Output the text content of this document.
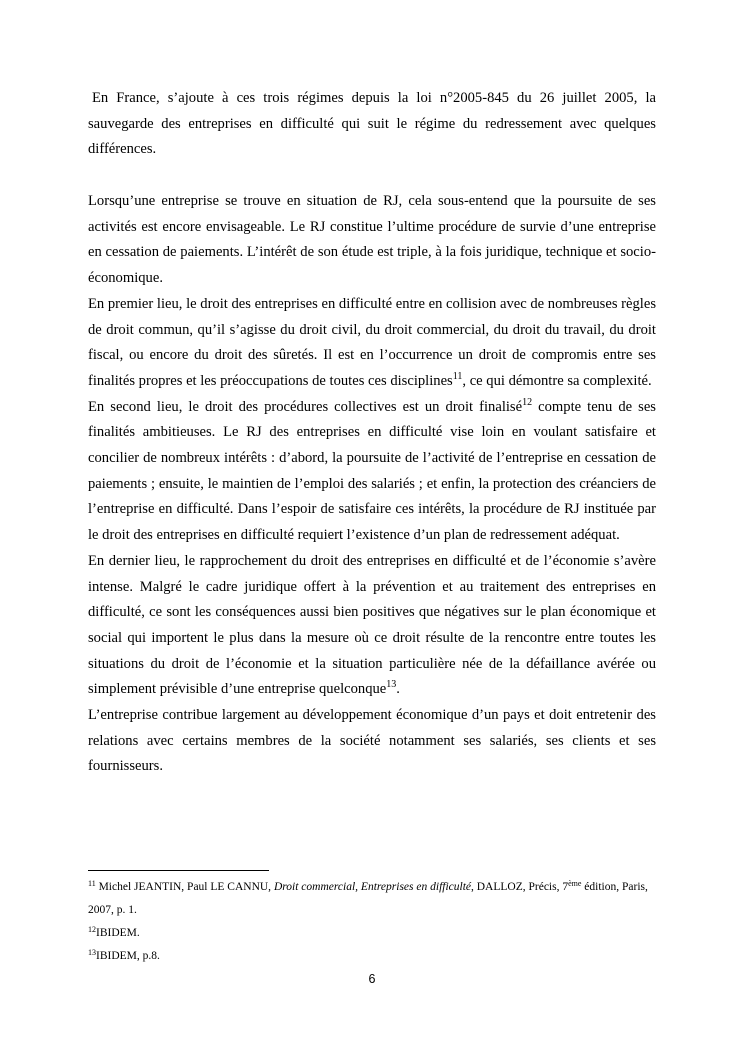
En France, s’ajoute à ces trois régimes depuis la loi n°2005-845 du 26 juillet 2005, la sauvegarde des entreprises en difficulté qui suit le régime du redressement avec quelques différences.

Lorsqu’une entreprise se trouve en situation de RJ, cela sous-entend que la poursuite de ses activités est encore envisageable. Le RJ constitue l’ultime procédure de survie d’une entreprise en cessation de paiements. L’intérêt de son étude est triple, à la fois juridique, technique et socio-économique.

En premier lieu, le droit des entreprises en difficulté entre en collision avec de nombreuses règles de droit commun, qu’il s’agisse du droit civil, du droit commercial, du droit du travail, du droit fiscal, ou encore du droit des sûretés. Il est en l’occurrence un droit de compromis entre ses finalités propres et les préoccupations de toutes ces disciplines$^{11}$, ce qui démontre sa complexité.

En second lieu, le droit des procédures collectives est un droit finalisé$^{12}$ compte tenu de ses finalités ambitieuses. Le RJ des entreprises en difficulté vise loin en voulant satisfaire et concilier de nombreux intérêts : d’abord, la poursuite de l’activité de l’entreprise en cessation de paiements ; ensuite, le maintien de l’emploi des salariés ; et enfin, la protection des créanciers de l’entreprise en difficulté. Dans l’espoir de satisfaire ces intérêts, la procédure de RJ instituée par le droit des entreprises en difficulté requiert l’existence d’un plan de redressement adéquat.

En dernier lieu, le rapprochement du droit des entreprises en difficulté et de l’économie s’avère intense. Malgré le cadre juridique offert à la prévention et au traitement des entreprises en difficulté, ce sont les conséquences aussi bien positives que négatives sur le plan économique et social qui importent le plus dans la mesure où ce droit résulte de la rencontre entre toutes les situations du droit de l’économie et la situation particulière née de la défaillance avérée ou simplement prévisible d’une entreprise quelconque$^{13}$.

L’entreprise contribue largement au développement économique d’un pays et doit entretenir des relations avec certains membres de la société notamment ses salariés, ses clients et ses fournisseurs.

$^{11}$ Michel JEANTIN, Paul LE CANNU, Droit commercial, Entreprises en difficulté, DALLOZ, Précis, 7ème édition, Paris, 2007, p. 1.

$^{12}$IBIDEM.

$^{13}$IBIDEM, p.8.

6
